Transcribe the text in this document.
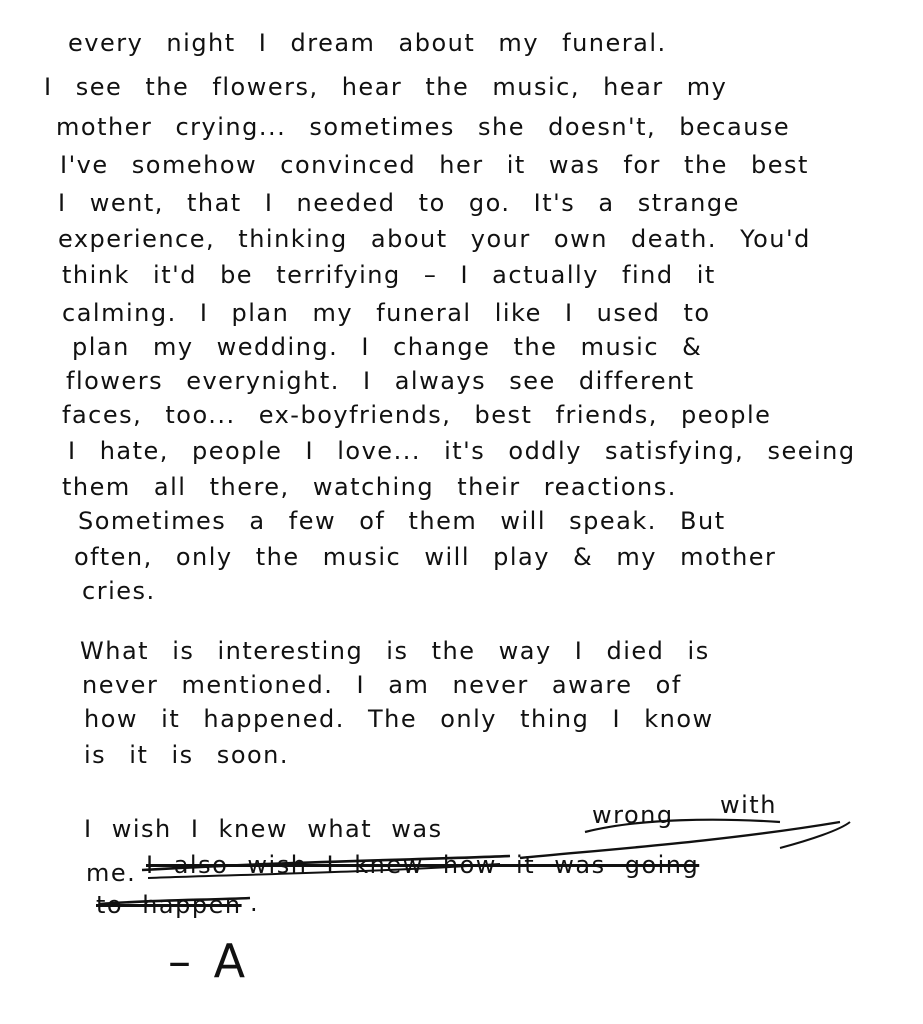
every night I dream about my funeral.
I see the flowers, hear the music, hear my
mother crying... sometimes she doesn't, because
I've somehow convinced her it was for the best
I went, that I needed to go. It's a strange
experience, thinking about your own death. You'd
think it'd be terrifying – I actually find it
calming. I plan my funeral like I used to
plan my wedding. I change the music &
flowers everynight. I always see different
faces, too... ex-boyfriends, best friends, people
I hate, people I love... it's oddly satisfying, seeing
them all there, watching their reactions.
Sometimes a few of them will speak. But
often, only the music will play & my mother
cries.
What is interesting is the way I died is
never mentioned. I am never aware of
how it happened. The only thing I know
is it is soon.
I wish I knew what was	wrong with
me. I also wish I knew how it was going
to happen .
– A
